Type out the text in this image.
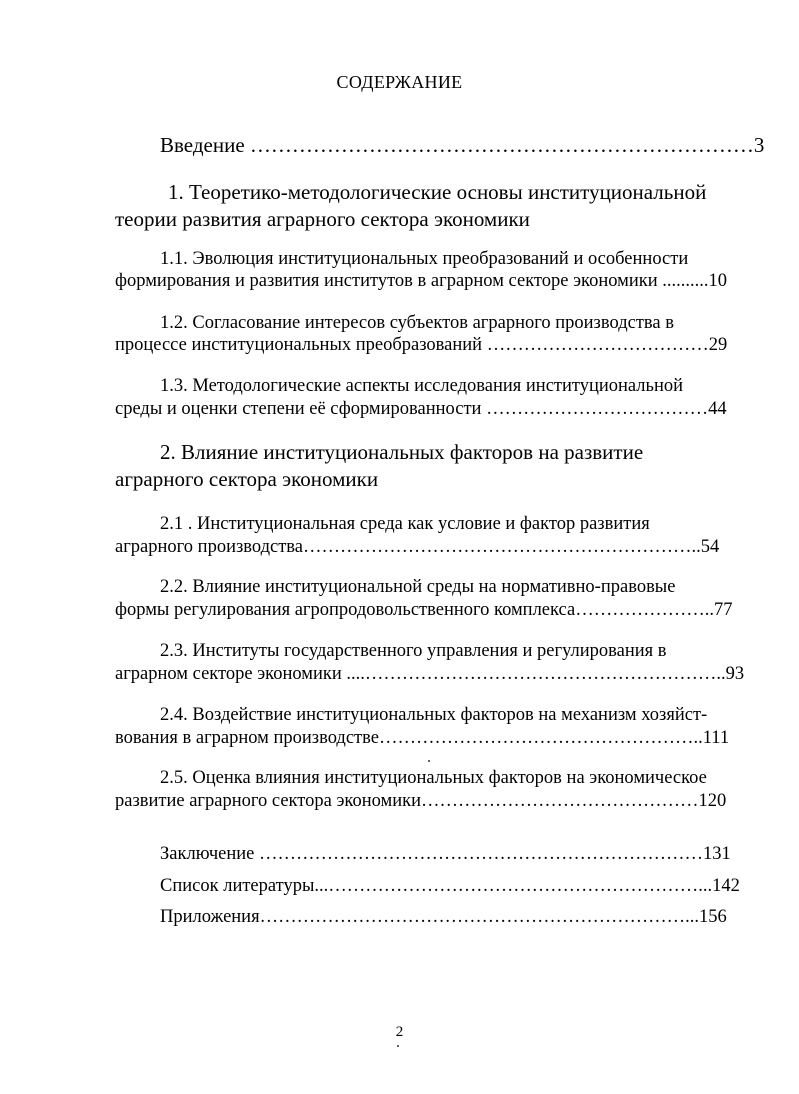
СОДЕРЖАНИЕ
Введение ………………………………………………………………3
1. Теоретико-методологические основы институциональной
теории развития аграрного сектора экономики
1.1. Эволюция институциональных преобразований и особенности
формирования и развития институтов в аграрном секторе экономики ..........10
1.2. Согласование интересов субъектов аграрного производства в
процессе институциональных преобразований ………………………………29
1.3. Методологические аспекты исследования институциональной
среды и оценки степени её сформированности ………………………………44
2. Влияние институциональных факторов на развитие
аграрного сектора экономики
2.1 . Институциональная среда как условие и фактор развития
аграрного производства………………………………………………………..54
2.2. Влияние институциональной среды на нормативно-правовые
формы регулирования агропродовольственного комплекса…………………..77
2.3. Институты государственного управления и регулирования в
аграрном секторе экономики ....…………………………………………………..93
2.4. Воздействие институциональных факторов на механизм хозяйст-
вования в аграрном производстве……………………………………………..111
2.5. Оценка влияния институциональных факторов на экономическое
развитие аграрного сектора экономики………………………………………120
Заключение ………………………………………………………………131
Список литературы...……………………………………………………...142
Приложения……………………………………………………………...156
2
